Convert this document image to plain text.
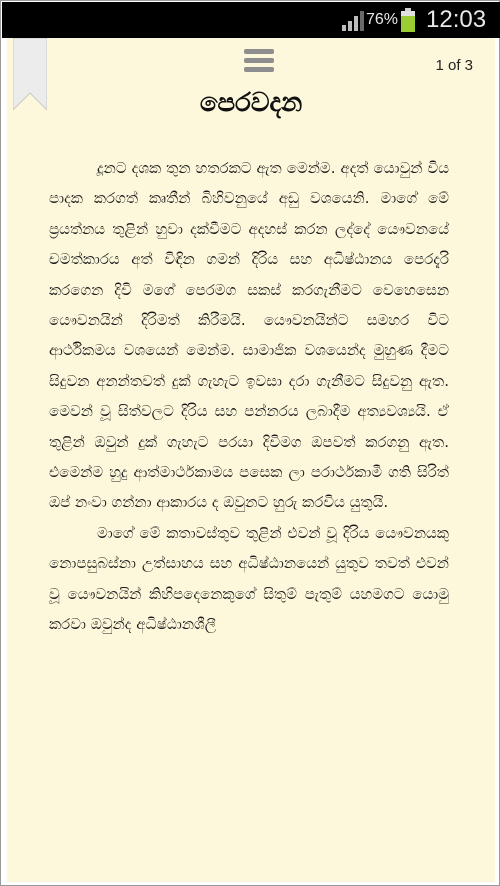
76% 12:03
1 of 3
පෙරවදන

දූනට දශක තුන හතරකට ඇත මෙන්ම. අදත් යොවුන් විය පාදක කරගත් කෘතීන් බිහිවනුයේ අඩු වශයෙනි. මාගේ මේ ප්‍රයත්නය තුළින් හුවා දක්වීමට අදහස් කරන ලද්දේ යෞවනයේ චමත්කාරය අත් විඳින ගමන් දිරිය සහ අධිෂ්ඨානය පෙරදැරි කරගෙන දිවි මගේ පෙරමග සකස් කරගැනීමට වෙහෙසෙන යෞවනයින් දිරිමත් කිරීමයි. යෞවනයින්ට සමහර විට ආර්ථිකමය වශයෙන් මෙන්ම. සාමාජික වශයෙන්ද මුහුණ දීමට සිදුවන අනන්තවත් දුක් ගැහැට ඉවසා දරා ගැනීමට සිදුවනු ඇත. මෙවන් වූ සිත්වලට දිරිය සහ පන්නරය ලබාදීම අත්‍යවශ්‍යයි. ඒ තුළින් ඔවුන් දුක් ගැහැට පරයා දිවිමග ඔපවත් කරගනු ඇත. එමෙන්ම හුදු ආත්මාර්ථකාමය පසෙක ලා පරාර්ථකාමී ගති සිරිත් ඔප් නංවා ගන්නා ආකාරය ද ඔවුනට හුරු කරවිය යුතුයි.

මාගේ මේ කතාවස්තුව තුළින් එවන් වූ දිරිය යෞවනයකු නොපසුබස්නා උත්සාහය සහ අධිෂ්ඨානයෙන් යුතුව තවත් එවන් වූ යෞවනයින් කිහිපදෙනෙකුගේ සිතුම් පැතුම් යහමගට යොමු කරවා ඔවුන්ද අධිෂ්ඨානශීලී
